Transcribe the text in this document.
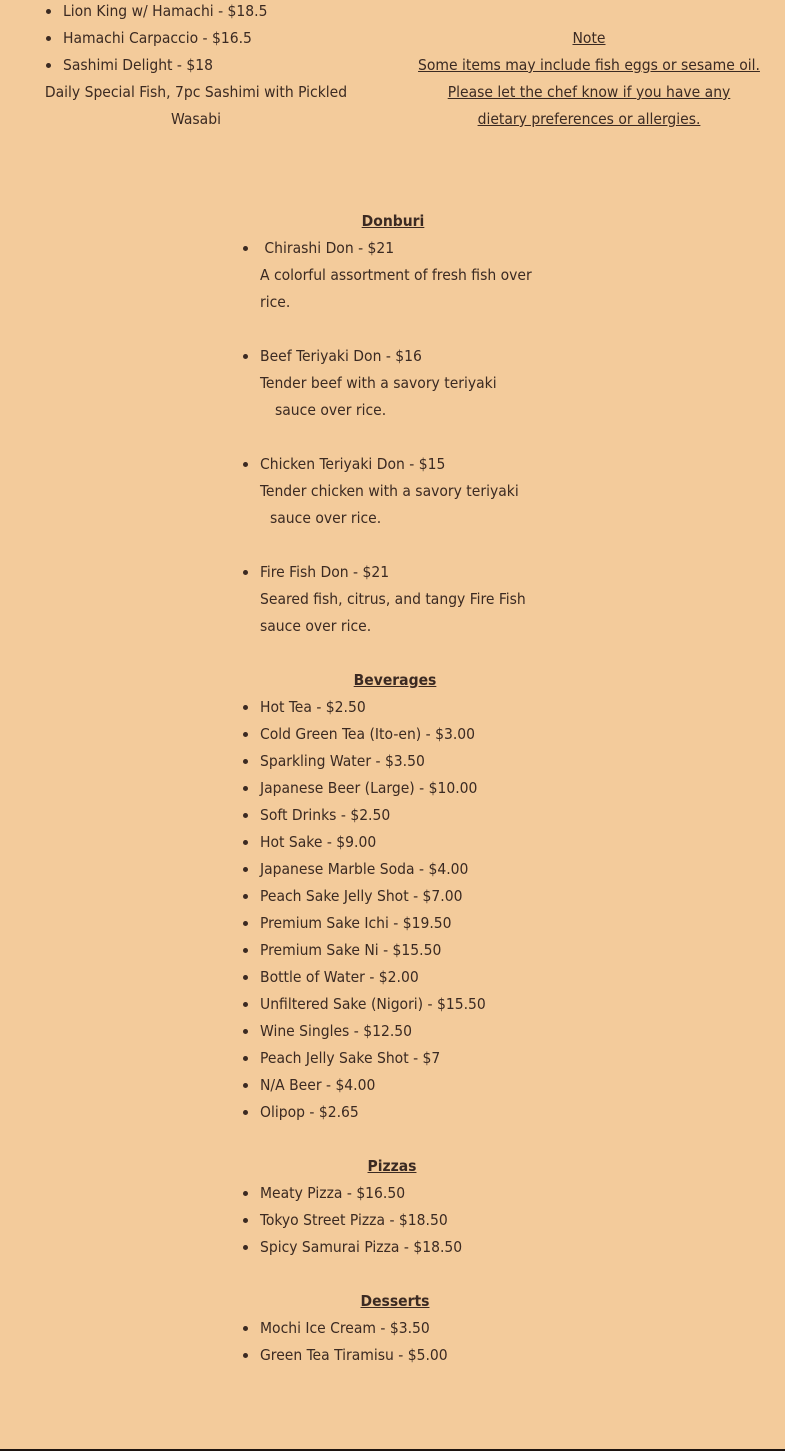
Lion King w/ Hamachi - $18.5
Hamachi Carpaccio - $16.5
Sashimi Delight - $18
Daily Special Fish, 7pc Sashimi with Pickled
Wasabi
Note
Some items may include fish eggs or sesame oil.
Please let the chef know if you have any
dietary preferences or allergies.
Donburi
Chirashi Don - $21
A colorful assortment of fresh fish over
rice.
Beef Teriyaki Don - $16
Tender beef with a savory teriyaki
sauce over rice.
Chicken Teriyaki Don - $15
Tender chicken with a savory teriyaki
sauce over rice.
Fire Fish Don - $21
Seared fish, citrus, and tangy Fire Fish
sauce over rice.
Beverages
Hot Tea - $2.50
Cold Green Tea (Ito-en) - $3.00
Sparkling Water - $3.50
Japanese Beer (Large) - $10.00
Soft Drinks - $2.50
Hot Sake - $9.00
Japanese Marble Soda - $4.00
Peach Sake Jelly Shot - $7.00
Premium Sake Ichi - $19.50
Premium Sake Ni - $15.50
Bottle of Water - $2.00
Unfiltered Sake (Nigori) - $15.50
Wine Singles - $12.50
Peach Jelly Sake Shot - $7
N/A Beer - $4.00
Olipop - $2.65
Pizzas
Meaty Pizza - $16.50
Tokyo Street Pizza - $18.50
Spicy Samurai Pizza - $18.50
Desserts
Mochi Ice Cream - $3.50
Green Tea Tiramisu - $5.00
